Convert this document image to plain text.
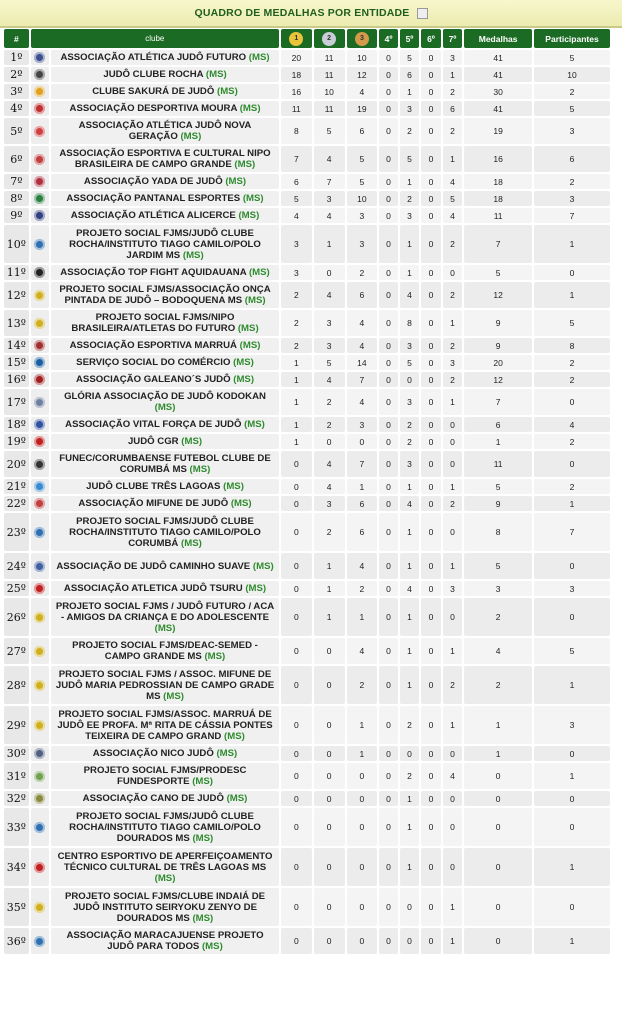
QUADRO DE MEDALHAS POR ENTIDADE
#	clube		1	2	3	4º	5º	6º	7º	Medalhas	Participantes
1º		ASSOCIAÇÃO ATLÉTICA JUDÔ FUTURO (MS)	20	11	10	0	5	0	3	41	5
2º		JUDÔ CLUBE ROCHA (MS)	18	11	12	0	6	0	1	41	10
3º		CLUBE SAKURÁ DE JUDÔ (MS)	16	10	4	0	1	0	2	30	2
4º		ASSOCIAÇÃO DESPORTIVA MOURA (MS)	11	11	19	0	3	0	6	41	5
5º		ASSOCIAÇÃO ATLÉTICA JUDÔ NOVA GERAÇÃO (MS)	8	5	6	0	2	0	2	19	3
6º		ASSOCIAÇÃO ESPORTIVA E CULTURAL NIPO BRASILEIRA DE CAMPO GRANDE (MS)	7	4	5	0	5	0	1	16	6
7º		ASSOCIAÇÃO YADA DE JUDÔ (MS)	6	7	5	0	1	0	4	18	2
8º		ASSOCIAÇÃO PANTANAL ESPORTES (MS)	5	3	10	0	2	0	5	18	3
9º		ASSOCIAÇÃO ATLÉTICA ALICERCE (MS)	4	4	3	0	3	0	4	11	7
10º		PROJETO SOCIAL FJMS/JUDÔ CLUBE ROCHA/INSTITUTO TIAGO CAMILO/POLO JARDIM MS (MS)	3	1	3	0	1	0	2	7	1
11º		ASSOCIAÇÃO TOP FIGHT AQUIDAUANA (MS)	3	0	2	0	1	0	0	5	0
12º		PROJETO SOCIAL FJMS/ASSOCIAÇÃO ONÇA PINTADA DE JUDÔ – BODOQUENA MS (MS)	2	4	6	0	4	0	2	12	1
13º		PROJETO SOCIAL FJMS/NIPO BRASILEIRA/ATLETAS DO FUTURO (MS)	2	3	4	0	8	0	1	9	5
14º		ASSOCIAÇÃO ESPORTIVA MARRUÁ (MS)	2	3	4	0	3	0	2	9	8
15º		SERVIÇO SOCIAL DO COMÉRCIO (MS)	1	5	14	0	5	0	3	20	2
16º		ASSOCIAÇÃO GALEANO´S JUDÔ (MS)	1	4	7	0	0	0	2	12	2
17º		GLÓRIA ASSOCIAÇÃO DE JUDÔ KODOKAN (MS)	1	2	4	0	3	0	1	7	0
18º		ASSOCIAÇÃO VITAL FORÇA DE JUDÔ (MS)	1	2	3	0	2	0	0	6	4
19º		JUDÔ CGR (MS)	1	0	0	0	2	0	0	1	2
20º		FUNEC/CORUMBAENSE FUTEBOL CLUBE DE CORUMBÁ MS (MS)	0	4	7	0	3	0	0	11	0
21º		JUDÔ CLUBE TRÊS LAGOAS (MS)	0	4	1	0	1	0	1	5	2
22º		ASSOCIAÇÃO MIFUNE DE JUDÔ (MS)	0	3	6	0	4	0	2	9	1
23º		PROJETO SOCIAL FJMS/JUDÔ CLUBE ROCHA/INSTITUTO TIAGO CAMILO/POLO CORUMBÁ (MS)	0	2	6	0	1	0	0	8	7
24º		ASSOCIAÇÃO DE JUDÔ CAMINHO SUAVE (MS)	0	1	4	0	1	0	1	5	0
25º		ASSOCIAÇÃO ATLETICA JUDÔ TSURU (MS)	0	1	2	0	4	0	3	3	3
26º		PROJETO SOCIAL FJMS / JUDÔ FUTURO / ACA - AMIGOS DA CRIANÇA E DO ADOLESCENTE (MS)	0	1	1	0	1	0	0	2	0
27º		PROJETO SOCIAL FJMS/DEAC-SEMED - CAMPO GRANDE MS (MS)	0	0	4	0	1	0	1	4	5
28º		PROJETO SOCIAL FJMS / ASSOC. MIFUNE DE JUDÔ MARIA PEDROSSIAN DE CAMPO GRADE MS (MS)	0	0	2	0	1	0	2	2	1
29º		PROJETO SOCIAL FJMS/ASSOC. MARRUÁ DE JUDÔ EE PROFA. Mª RITA DE CÁSSIA PONTES TEIXEIRA DE CAMPO GRAND (MS)	0	0	1	0	2	0	1	1	3
30º		ASSOCIAÇÃO NICO JUDÔ (MS)	0	0	1	0	0	0	0	1	0
31º		PROJETO SOCIAL FJMS/PRODESC FUNDESPORTE (MS)	0	0	0	0	2	0	4	0	1
32º		ASSOCIAÇÃO CANO DE JUDÔ (MS)	0	0	0	0	1	0	0	0	0
33º		PROJETO SOCIAL FJMS/JUDÔ CLUBE ROCHA/INSTITUTO TIAGO CAMILO/POLO DOURADOS MS (MS)	0	0	0	0	1	0	0	0	0
34º		CENTRO ESPORTIVO DE APERFEIÇOAMENTO TÉCNICO CULTURAL DE TRÊS LAGOAS MS (MS)	0	0	0	0	1	0	0	0	1
35º		PROJETO SOCIAL FJMS/CLUBE INDAIÁ DE JUDÔ INSTITUTO SEIRYOKU ZENYO DE DOURADOS MS (MS)	0	0	0	0	0	0	1	0	0
36º		ASSOCIAÇÃO MARACAJUENSE PROJETO JUDÔ PARA TODOS (MS)	0	0	0	0	0	0	1	0	1
